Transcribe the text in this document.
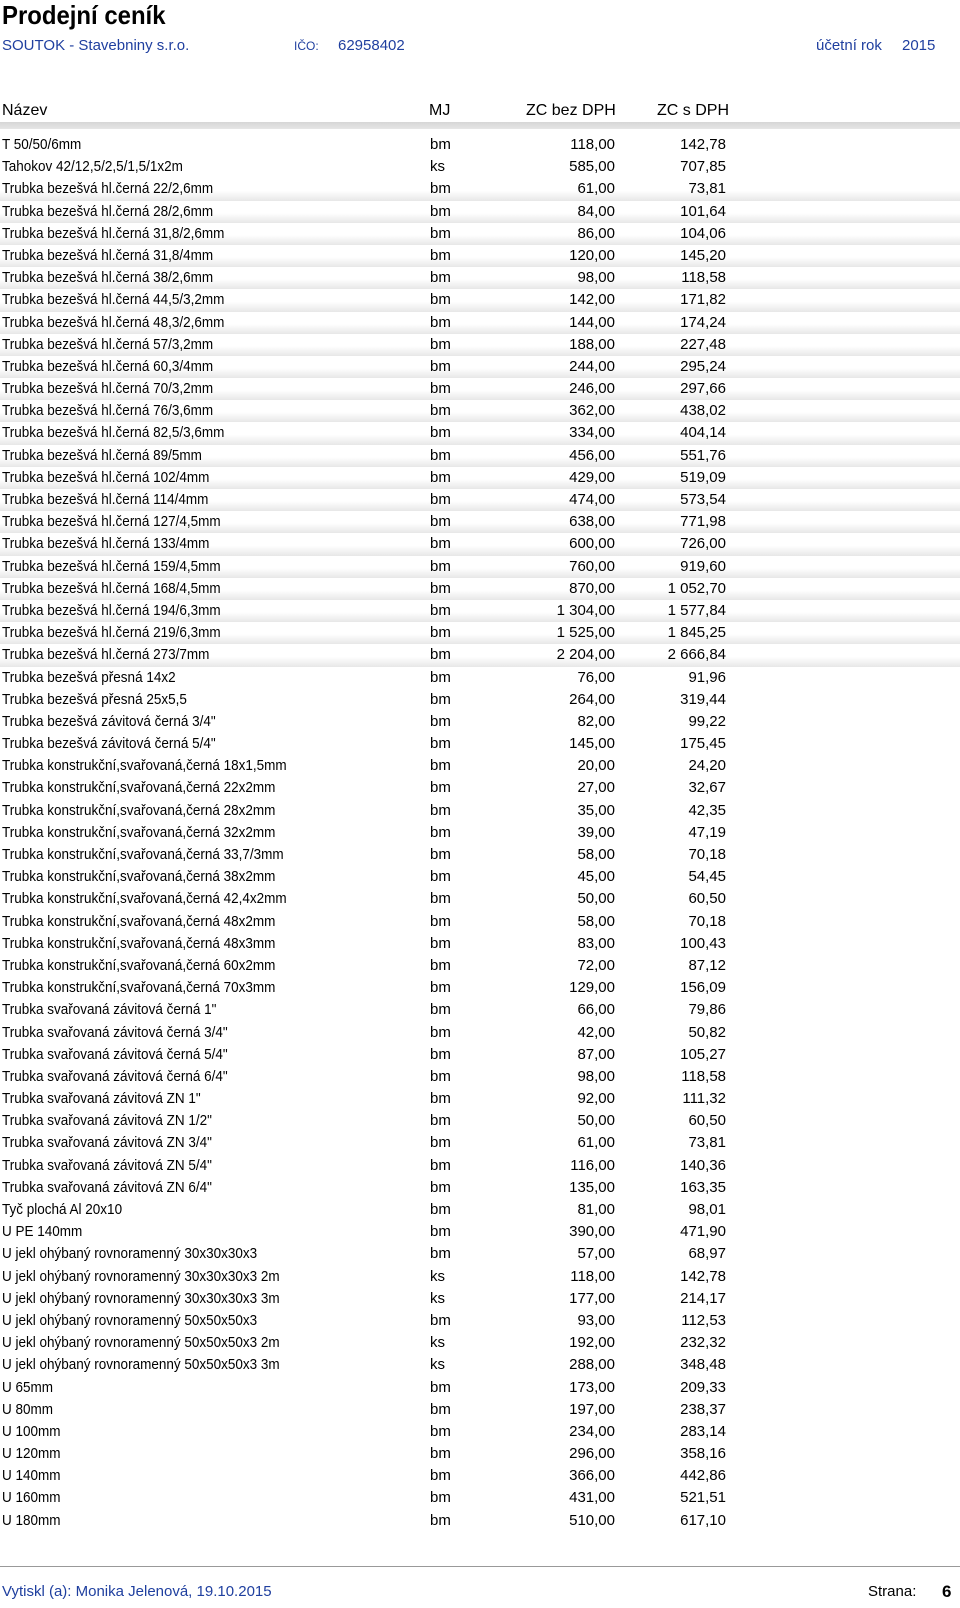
Prodejní ceník
SOUTOK - Stavebniny s.r.o.	IČO: 62958402	účetní rok 2015
Název	MJ	ZC bez DPH	ZC s DPH
T 50/50/6mm	bm	118,00	142,78
Tahokov 42/12,5/2,5/1,5/1x2m	ks	585,00	707,85
Trubka bezešvá hl.černá 22/2,6mm	bm	61,00	73,81
Trubka bezešvá hl.černá 28/2,6mm	bm	84,00	101,64
Trubka bezešvá hl.černá 31,8/2,6mm	bm	86,00	104,06
Trubka bezešvá hl.černá 31,8/4mm	bm	120,00	145,20
Trubka bezešvá hl.černá 38/2,6mm	bm	98,00	118,58
Trubka bezešvá hl.černá 44,5/3,2mm	bm	142,00	171,82
Trubka bezešvá hl.černá 48,3/2,6mm	bm	144,00	174,24
Trubka bezešvá hl.černá 57/3,2mm	bm	188,00	227,48
Trubka bezešvá hl.černá 60,3/4mm	bm	244,00	295,24
Trubka bezešvá hl.černá 70/3,2mm	bm	246,00	297,66
Trubka bezešvá hl.černá 76/3,6mm	bm	362,00	438,02
Trubka bezešvá hl.černá 82,5/3,6mm	bm	334,00	404,14
Trubka bezešvá hl.černá 89/5mm	bm	456,00	551,76
Trubka bezešvá hl.černá 102/4mm	bm	429,00	519,09
Trubka bezešvá hl.černá 114/4mm	bm	474,00	573,54
Trubka bezešvá hl.černá 127/4,5mm	bm	638,00	771,98
Trubka bezešvá hl.černá 133/4mm	bm	600,00	726,00
Trubka bezešvá hl.černá 159/4,5mm	bm	760,00	919,60
Trubka bezešvá hl.černá 168/4,5mm	bm	870,00	1 052,70
Trubka bezešvá hl.černá 194/6,3mm	bm	1 304,00	1 577,84
Trubka bezešvá hl.černá 219/6,3mm	bm	1 525,00	1 845,25
Trubka bezešvá hl.černá 273/7mm	bm	2 204,00	2 666,84
Trubka bezešvá přesná 14x2	bm	76,00	91,96
Trubka bezešvá přesná 25x5,5	bm	264,00	319,44
Trubka bezešvá závitová černá 3/4"	bm	82,00	99,22
Trubka bezešvá závitová černá 5/4"	bm	145,00	175,45
Trubka konstrukční,svařovaná,černá 18x1,5mm	bm	20,00	24,20
Trubka konstrukční,svařovaná,černá 22x2mm	bm	27,00	32,67
Trubka konstrukční,svařovaná,černá 28x2mm	bm	35,00	42,35
Trubka konstrukční,svařovaná,černá 32x2mm	bm	39,00	47,19
Trubka konstrukční,svařovaná,černá 33,7/3mm	bm	58,00	70,18
Trubka konstrukční,svařovaná,černá 38x2mm	bm	45,00	54,45
Trubka konstrukční,svařovaná,černá 42,4x2mm	bm	50,00	60,50
Trubka konstrukční,svařovaná,černá 48x2mm	bm	58,00	70,18
Trubka konstrukční,svařovaná,černá 48x3mm	bm	83,00	100,43
Trubka konstrukční,svařovaná,černá 60x2mm	bm	72,00	87,12
Trubka konstrukční,svařovaná,černá 70x3mm	bm	129,00	156,09
Trubka svařovaná závitová černá 1"	bm	66,00	79,86
Trubka svařovaná závitová černá 3/4"	bm	42,00	50,82
Trubka svařovaná závitová černá 5/4"	bm	87,00	105,27
Trubka svařovaná závitová černá 6/4"	bm	98,00	118,58
Trubka svařovaná závitová ZN 1"	bm	92,00	111,32
Trubka svařovaná závitová ZN 1/2"	bm	50,00	60,50
Trubka svařovaná závitová ZN 3/4"	bm	61,00	73,81
Trubka svařovaná závitová ZN 5/4"	bm	116,00	140,36
Trubka svařovaná závitová ZN 6/4"	bm	135,00	163,35
Tyč plochá Al 20x10	bm	81,00	98,01
U PE 140mm	bm	390,00	471,90
U jekl ohýbaný rovnoramenný 30x30x30x3	bm	57,00	68,97
U jekl ohýbaný rovnoramenný 30x30x30x3 2m	ks	118,00	142,78
U jekl ohýbaný rovnoramenný 30x30x30x3 3m	ks	177,00	214,17
U jekl ohýbaný rovnoramenný 50x50x50x3	bm	93,00	112,53
U jekl ohýbaný rovnoramenný 50x50x50x3 2m	ks	192,00	232,32
U jekl ohýbaný rovnoramenný 50x50x50x3 3m	ks	288,00	348,48
U 65mm	bm	173,00	209,33
U 80mm	bm	197,00	238,37
U 100mm	bm	234,00	283,14
U 120mm	bm	296,00	358,16
U 140mm	bm	366,00	442,86
U 160mm	bm	431,00	521,51
U 180mm	bm	510,00	617,10
Vytiskl (a): Monika Jelenová, 19.10.2015	Strana: 6
